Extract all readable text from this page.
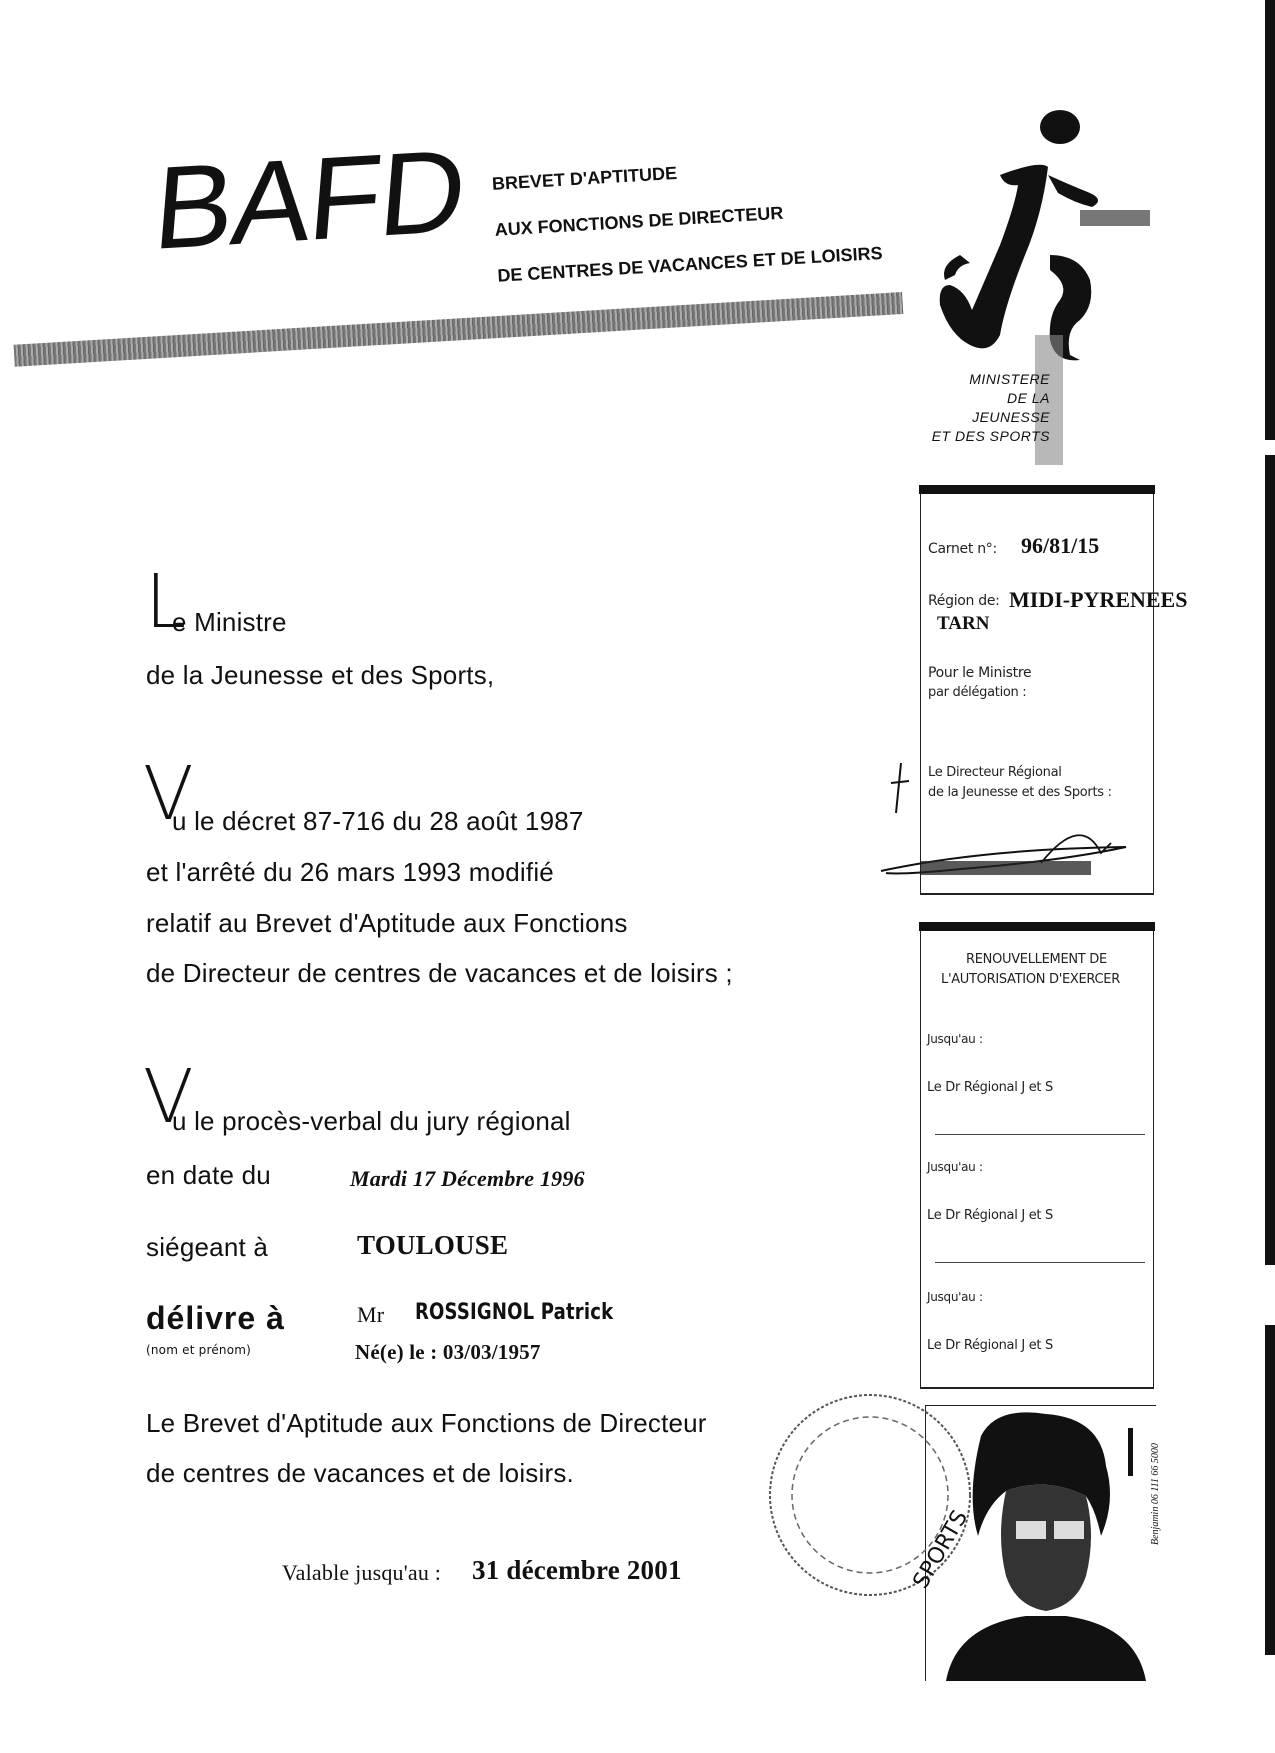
BAFD BREVET D'APTITUDE

AUX FONCTIONS DE DIRECTEUR

DE CENTRES DE VACANCES ET DE LOISIRS

MINISTERE
DE LA
JEUNESSE
ET DES SPORTS
Carnet n°: 96/81/15
Région de: MIDI-PYRENEES
TARN
Pour le Ministre
par délégation :
Le Directeur Régional
de la Jeunesse et des Sports :
RENOUVELLEMENT DE
L'AUTORISATION D'EXERCER
Jusqu'au :
Le Dr Régional J et S
Jusqu'au :
Le Dr Régional J et S
Jusqu'au :
Le Dr Régional J et S
SPORTS
Benjamin 06 111 66 5000
L
e Ministre
de la Jeunesse et des Sports,
V
u le décret 87-716 du 28 août 1987
et l'arrêté du 26 mars 1993 modifié
relatif au Brevet d'Aptitude aux Fonctions
de Directeur de centres de vacances et de loisirs ;
V
u le procès-verbal du jury régional
en date du	Mardi 17 Décembre 1996
siégeant à	TOULOUSE
délivre à
(nom et prénom)
Mr ROSSIGNOL Patrick
Né(e) le : 03/03/1957
Le Brevet d'Aptitude aux Fonctions de Directeur
de centres de vacances et de loisirs.
Valable jusqu'au : 31 décembre 2001
